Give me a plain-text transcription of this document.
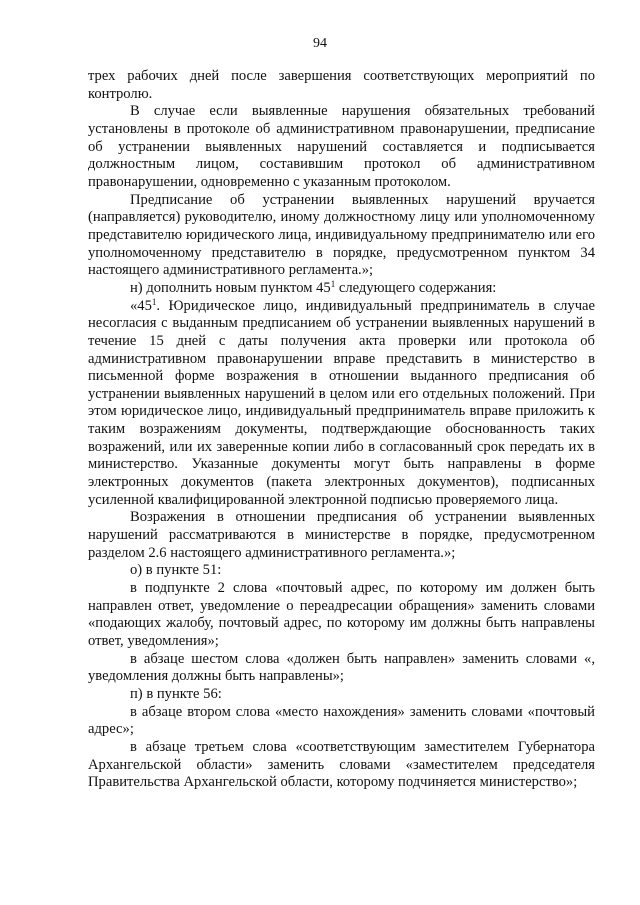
94

трех рабочих дней после завершения соответствующих мероприятий по контролю.

В случае если выявленные нарушения обязательных требований установлены в протоколе об административном правонарушении, предписание об устранении выявленных нарушений составляется и подписывается должностным лицом, составившим протокол об административном правонарушении, одновременно с указанным протоколом.

Предписание об устранении выявленных нарушений вручается (направляется) руководителю, иному должностному лицу или уполномоченному представителю юридического лица, индивидуальному предпринимателю или его уполномоченному представителю в порядке, предусмотренном пунктом 34 настоящего административного регламента.»;

н) дополнить новым пунктом $45^1$ следующего содержания:

«$45^1$. Юридическое лицо, индивидуальный предприниматель в случае несогласия с выданным предписанием об устранении выявленных нарушений в течение 15 дней с даты получения акта проверки или протокола об административном правонарушении вправе представить в министерство в письменной форме возражения в отношении выданного предписания об устранении выявленных нарушений в целом или его отдельных положений. При этом юридическое лицо, индивидуальный предприниматель вправе приложить к таким возражениям документы, подтверждающие обоснованность таких возражений, или их заверенные копии либо в согласованный срок передать их в министерство. Указанные документы могут быть направлены в форме электронных документов (пакета электронных документов), подписанных усиленной квалифицированной электронной подписью проверяемого лица.

Возражения в отношении предписания об устранении выявленных нарушений рассматриваются в министерстве в порядке, предусмотренном разделом 2.6 настоящего административного регламента.»;

о) в пункте 51:

в подпункте 2 слова «почтовый адрес, по которому им должен быть направлен ответ, уведомление о переадресации обращения» заменить словами «подающих жалобу, почтовый адрес, по которому им должны быть направлены ответ, уведомления»;

в абзаце шестом слова «должен быть направлен» заменить словами «, уведомления должны быть направлены»;

п) в пункте 56:

в абзаце втором слова «место нахождения» заменить словами «почтовый адрес»;

в абзаце третьем слова «соответствующим заместителем Губернатора Архангельской области» заменить словами «заместителем председателя Правительства Архангельской области, которому подчиняется министерство»;
